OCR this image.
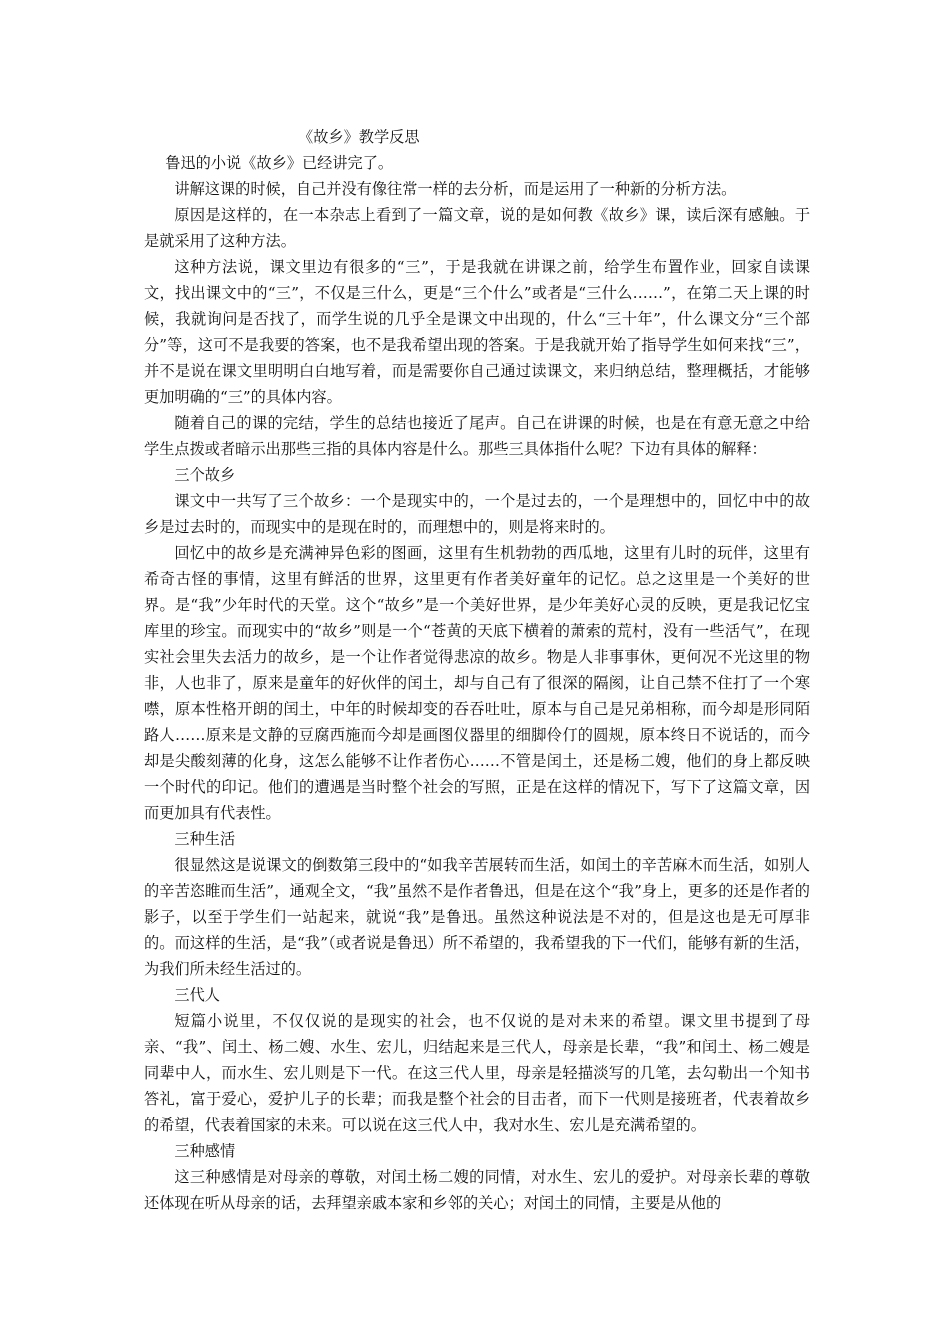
《故乡》教学反思

鲁迅的小说《故乡》已经讲完了。

讲解这课的时候，自己并没有像往常一样的去分析，而是运用了一种新的分析方法。

原因是这样的，在一本杂志上看到了一篇文章，说的是如何教《故乡》课，读后深有感触。于是就采用了这种方法。

这种方法说，课文里边有很多的“三”，于是我就在讲课之前，给学生布置作业，回家自读课文，找出课文中的“三”，不仅是三什么，更是“三个什么”或者是“三什么……”，在第二天上课的时候，我就询问是否找了，而学生说的几乎全是课文中出现的，什么“三十年”，什么课文分“三个部分”等，这可不是我要的答案，也不是我希望出现的答案。于是我就开始了指导学生如何来找“三”，并不是说在课文里明明白白地写着，而是需要你自己通过读课文，来归纳总结，整理概括，才能够更加明确的“三”的具体内容。

随着自己的课的完结，学生的总结也接近了尾声。自己在讲课的时候，也是在有意无意之中给学生点拨或者暗示出那些三指的具体内容是什么。那些三具体指什么呢？下边有具体的解释：

三个故乡

课文中一共写了三个故乡：一个是现实中的，一个是过去的，一个是理想中的，回忆中中的故乡是过去时的，而现实中的是现在时的，而理想中的，则是将来时的。

回忆中的故乡是充满神异色彩的图画，这里有生机勃勃的西瓜地，这里有儿时的玩伴，这里有希奇古怪的事情，这里有鲜活的世界，这里更有作者美好童年的记忆。总之这里是一个美好的世界。是“我”少年时代的天堂。这个“故乡”是一个美好世界，是少年美好心灵的反映，更是我记忆宝库里的珍宝。而现实中的“故乡”则是一个“苍黄的天底下横着的萧索的荒村，没有一些活气”，在现实社会里失去活力的故乡，是一个让作者觉得悲凉的故乡。物是人非事事休，更何况不光这里的物非，人也非了，原来是童年的好伙伴的闰土，却与自己有了很深的隔阂，让自己禁不住打了一个寒噤，原本性格开朗的闰土，中年的时候却变的吞吞吐吐，原本与自己是兄弟相称，而今却是形同陌路人……原来是文静的豆腐西施而今却是画图仪器里的细脚伶仃的圆规，原本终日不说话的，而今却是尖酸刻薄的化身，这怎么能够不让作者伤心……不管是闰土，还是杨二嫂，他们的身上都反映一个时代的印记。他们的遭遇是当时整个社会的写照，正是在这样的情况下，写下了这篇文章，因而更加具有代表性。

三种生活

很显然这是说课文的倒数第三段中的“如我辛苦展转而生活，如闰土的辛苦麻木而生活，如别人的辛苦恣睢而生活”，通观全文，“我”虽然不是作者鲁迅，但是在这个“我”身上，更多的还是作者的影子，以至于学生们一站起来，就说“我”是鲁迅。虽然这种说法是不对的，但是这也是无可厚非的。而这样的生活，是“我”（或者说是鲁迅）所不希望的，我希望我的下一代们，能够有新的生活，为我们所未经生活过的。

三代人

短篇小说里，不仅仅说的是现实的社会，也不仅说的是对未来的希望。课文里书提到了母亲、“我”、闰土、杨二嫂、水生、宏儿，归结起来是三代人，母亲是长辈，“我”和闰土、杨二嫂是同辈中人，而水生、宏儿则是下一代。在这三代人里，母亲是轻描淡写的几笔，去勾勒出一个知书答礼，富于爱心，爱护儿子的长辈；而我是整个社会的目击者，而下一代则是接班者，代表着故乡的希望，代表着国家的未来。可以说在这三代人中，我对水生、宏儿是充满希望的。

三种感情

这三种感情是对母亲的尊敬，对闰土杨二嫂的同情，对水生、宏儿的爱护。对母亲长辈的尊敬还体现在听从母亲的话，去拜望亲戚本家和乡邻的关心；对闰土的同情，主要是从他的
